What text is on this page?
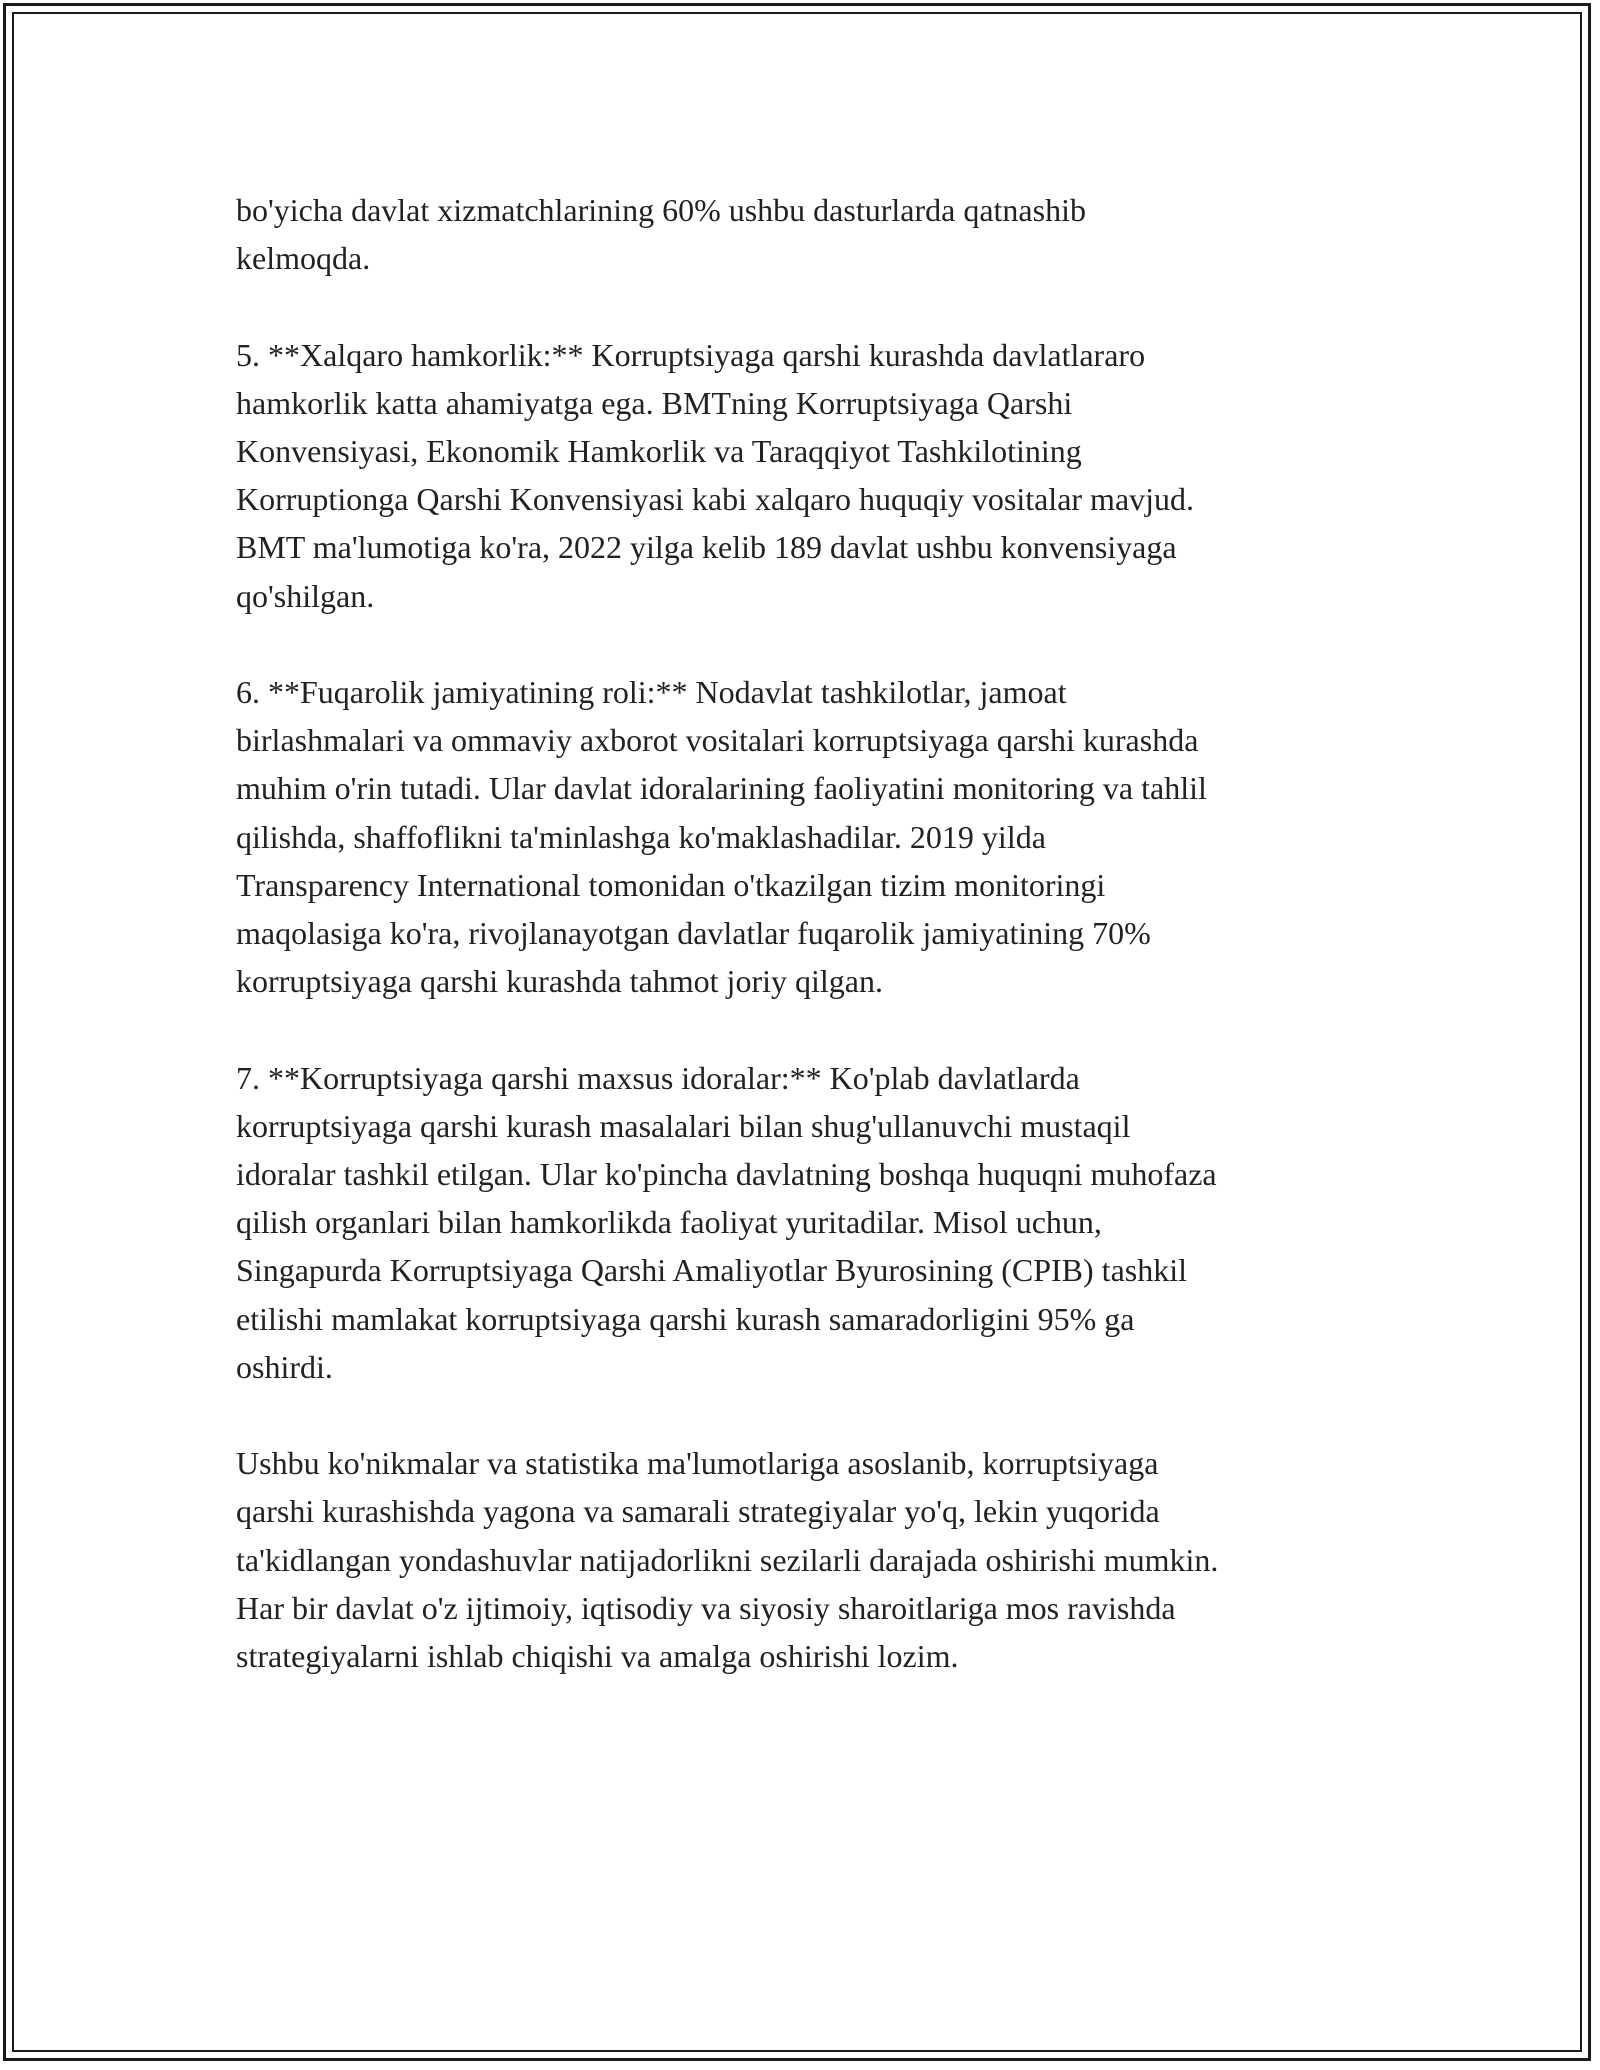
bo'yicha davlat xizmatchlarining 60% ushbu dasturlarda qatnashib
kelmoqda.

5. **Xalqaro hamkorlik:** Korruptsiyaga qarshi kurashda davlatlararo
hamkorlik katta ahamiyatga ega. BMTning Korruptsiyaga Qarshi
Konvensiyasi, Ekonomik Hamkorlik va Taraqqiyot Tashkilotining
Korruptionga Qarshi Konvensiyasi kabi xalqaro huquqiy vositalar mavjud.
BMT ma'lumotiga ko'ra, 2022 yilga kelib 189 davlat ushbu konvensiyaga
qo'shilgan.

6. **Fuqarolik jamiyatining roli:** Nodavlat tashkilotlar, jamoat
birlashmalari va ommaviy axborot vositalari korruptsiyaga qarshi kurashda
muhim o'rin tutadi. Ular davlat idoralarining faoliyatini monitoring va tahlil
qilishda, shaffoflikni ta'minlashga ko'maklashadilar. 2019 yilda
Transparency International tomonidan o'tkazilgan tizim monitoringi
maqolasiga ko'ra, rivojlanayotgan davlatlar fuqarolik jamiyatining 70%
korruptsiyaga qarshi kurashda tahmot joriy qilgan.

7. **Korruptsiyaga qarshi maxsus idoralar:** Ko'plab davlatlarda
korruptsiyaga qarshi kurash masalalari bilan shug'ullanuvchi mustaqil
idoralar tashkil etilgan. Ular ko'pincha davlatning boshqa huquqni muhofaza
qilish organlari bilan hamkorlikda faoliyat yuritadilar. Misol uchun,
Singapurda Korruptsiyaga Qarshi Amaliyotlar Byurosining (CPIB) tashkil
etilishi mamlakat korruptsiyaga qarshi kurash samaradorligini 95% ga
oshirdi.

Ushbu ko'nikmalar va statistika ma'lumotlariga asoslanib, korruptsiyaga
qarshi kurashishda yagona va samarali strategiyalar yo'q, lekin yuqorida
ta'kidlangan yondashuvlar natijadorlikni sezilarli darajada oshirishi mumkin.
Har bir davlat o'z ijtimoiy, iqtisodiy va siyosiy sharoitlariga mos ravishda
strategiyalarni ishlab chiqishi va amalga oshirishi lozim.
